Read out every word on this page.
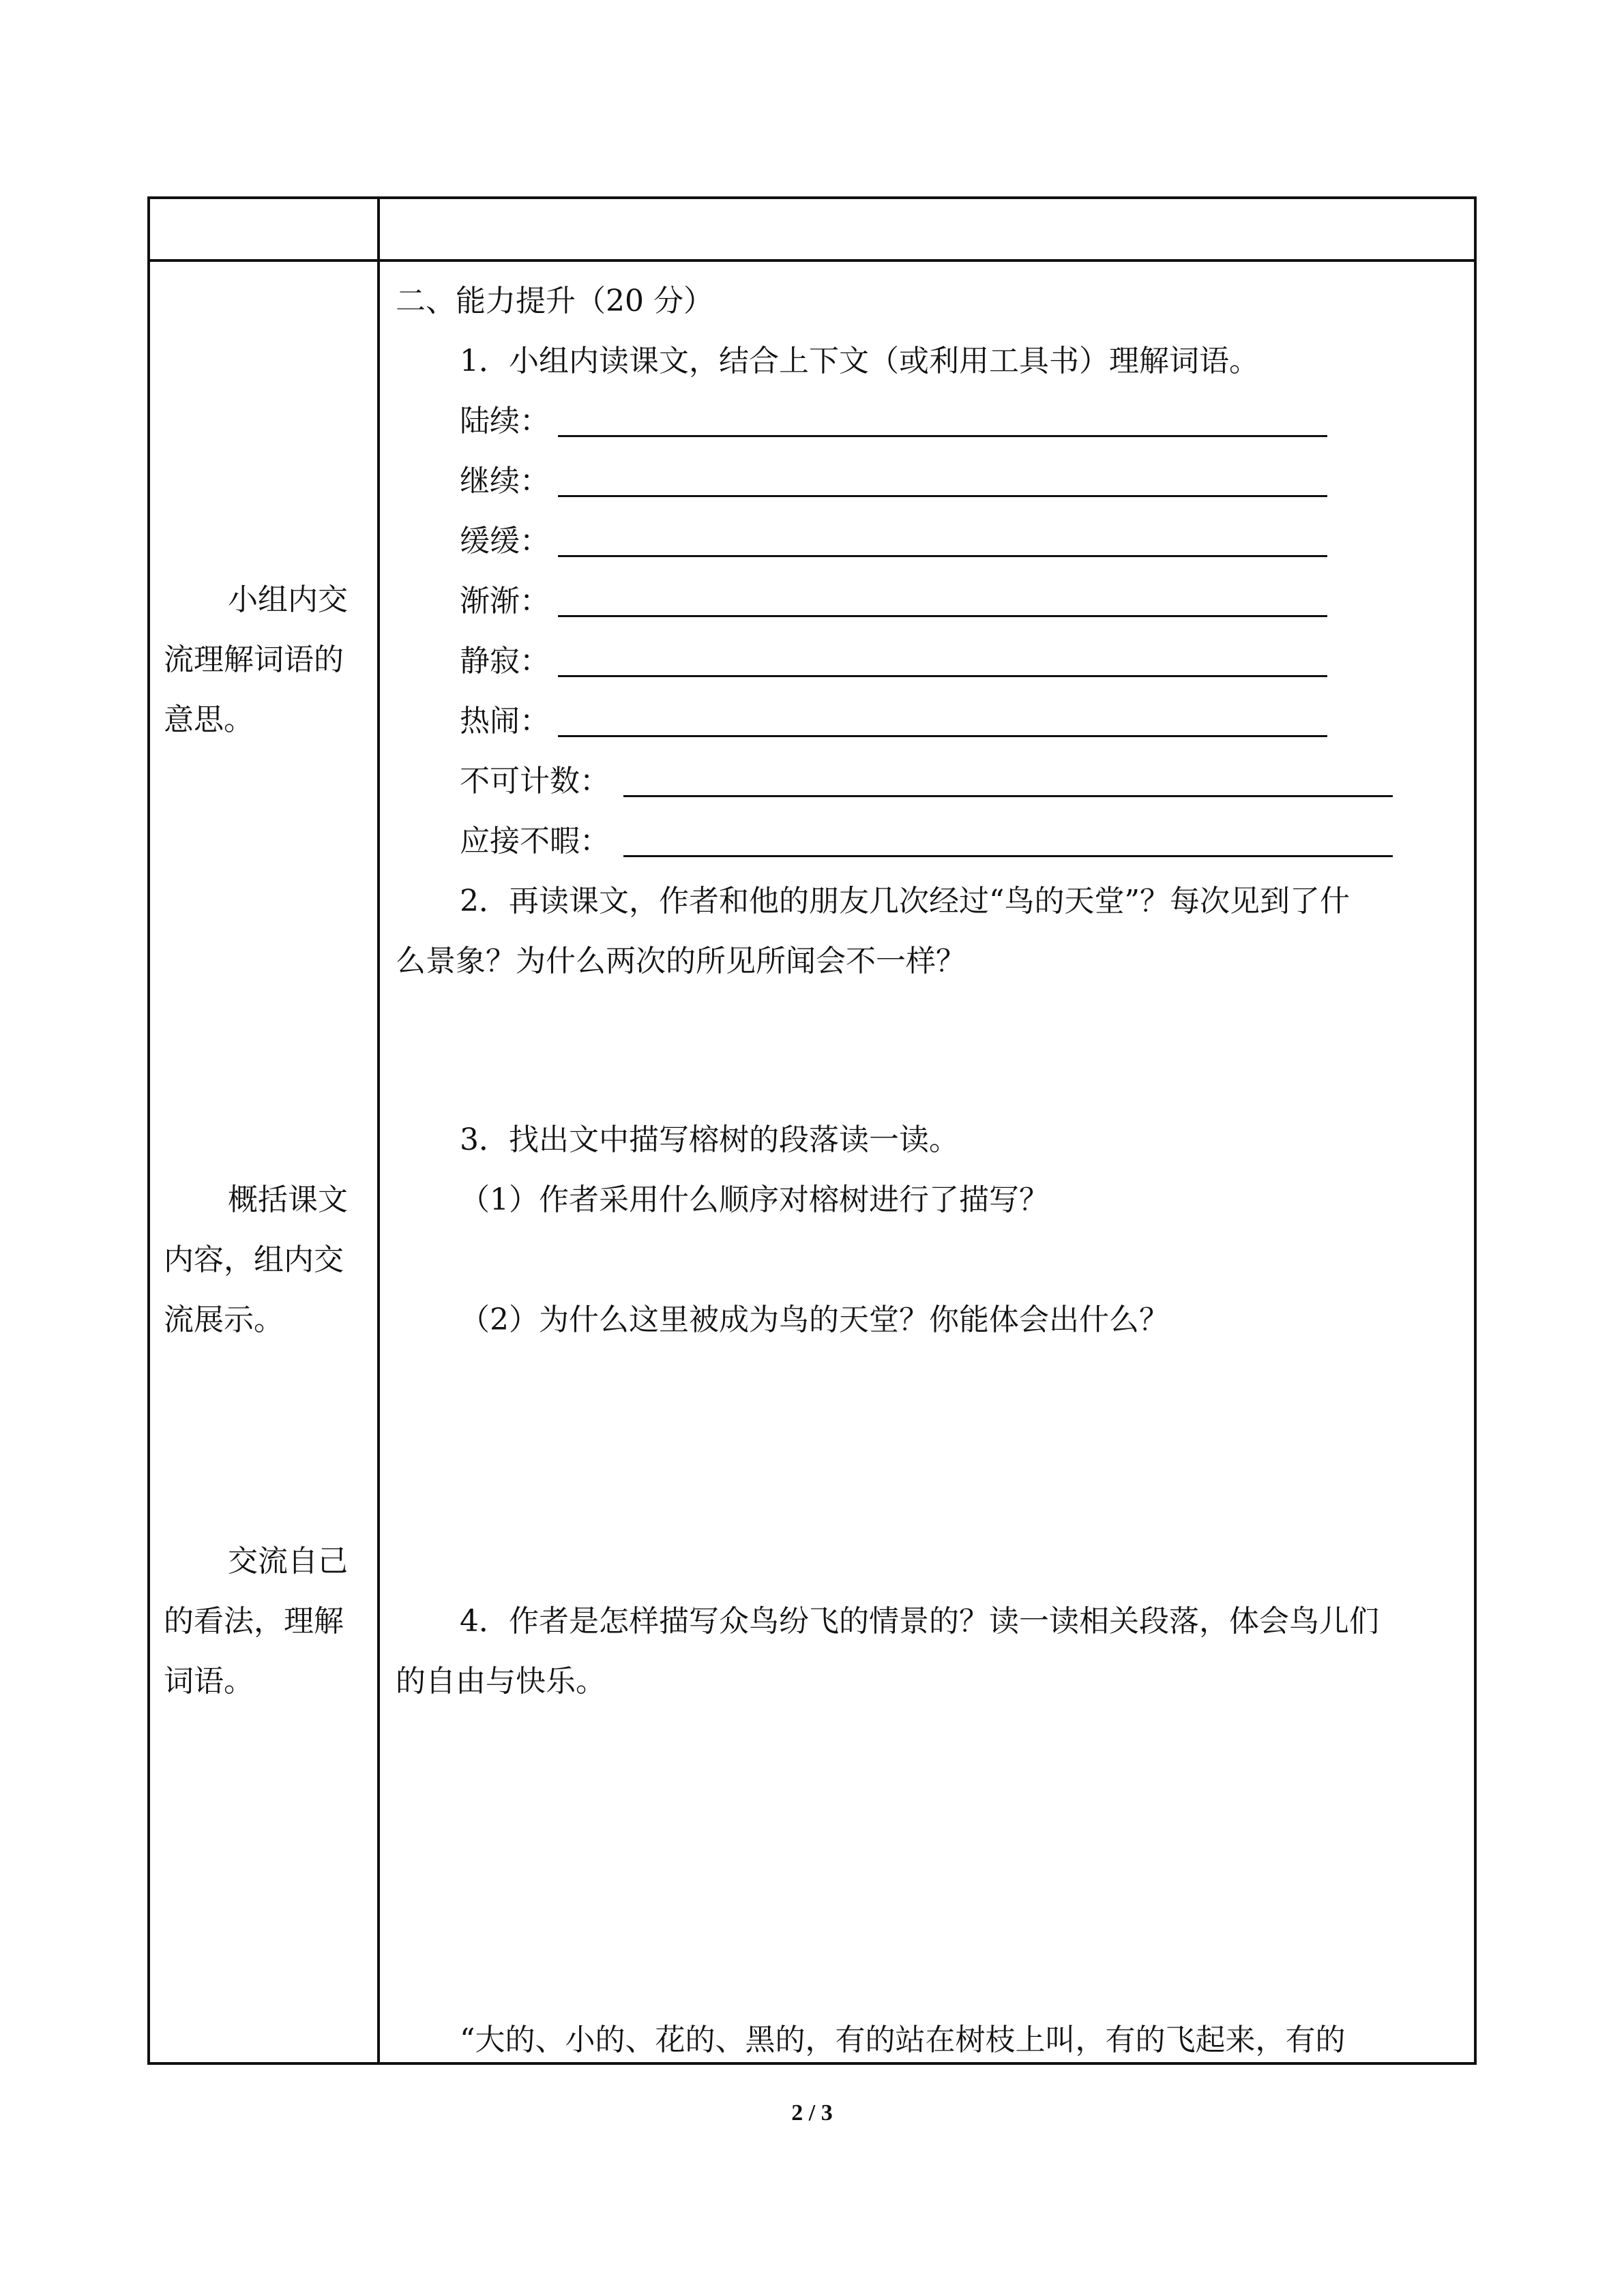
小组内交
流理解词语的
意思。
概括课文
内容，组内交
流展示。
交流自己
的看法，理解
词语。
二、能力提升（20 分）
1．小组内读课文，结合上下文（或利用工具书）理解词语。
陆续：
继续：
缓缓：
渐渐：
静寂：
热闹：
不可计数：
应接不暇：
2．再读课文，作者和他的朋友几次经过“鸟的天堂”？每次见到了什
么景象？为什么两次的所见所闻会不一样？
3．找出文中描写榕树的段落读一读。
（1）作者采用什么顺序对榕树进行了描写？
（2）为什么这里被成为鸟的天堂？你能体会出什么？
4．作者是怎样描写众鸟纷飞的情景的？读一读相关段落，体会鸟儿们
的自由与快乐。
“大的、小的、花的、黑的，有的站在树枝上叫，有的飞起来，有的
2 / 3
